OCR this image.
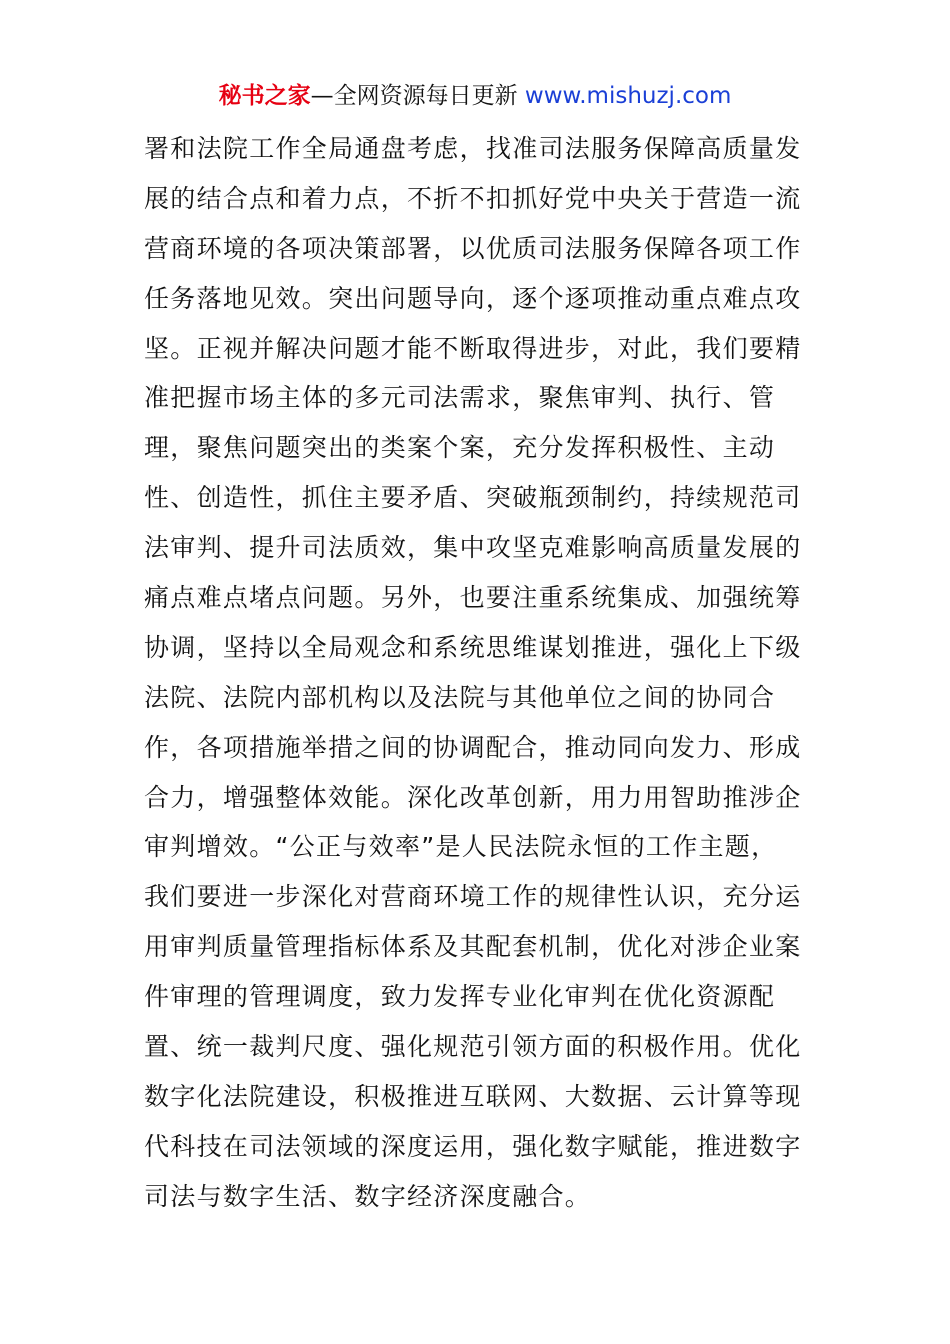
秘书之家—全网资源每日更新 www.mishuzj.com
署和法院工作全局通盘考虑，找准司法服务保障高质量发
展的结合点和着力点，不折不扣抓好党中央关于营造一流
营商环境的各项决策部署，以优质司法服务保障各项工作
任务落地见效。突出问题导向，逐个逐项推动重点难点攻
坚。正视并解决问题才能不断取得进步，对此，我们要精
准把握市场主体的多元司法需求，聚焦审判、执行、管
理，聚焦问题突出的类案个案，充分发挥积极性、主动
性、创造性，抓住主要矛盾、突破瓶颈制约，持续规范司
法审判、提升司法质效，集中攻坚克难影响高质量发展的
痛点难点堵点问题。另外，也要注重系统集成、加强统筹
协调，坚持以全局观念和系统思维谋划推进，强化上下级
法院、法院内部机构以及法院与其他单位之间的协同合
作，各项措施举措之间的协调配合，推动同向发力、形成
合力，增强整体效能。深化改革创新，用力用智助推涉企
审判增效。“公正与效率”是人民法院永恒的工作主题，
我们要进一步深化对营商环境工作的规律性认识，充分运
用审判质量管理指标体系及其配套机制，优化对涉企业案
件审理的管理调度，致力发挥专业化审判在优化资源配
置、统一裁判尺度、强化规范引领方面的积极作用。优化
数字化法院建设，积极推进互联网、大数据、云计算等现
代科技在司法领域的深度运用，强化数字赋能，推进数字
司法与数字生活、数字经济深度融合。
